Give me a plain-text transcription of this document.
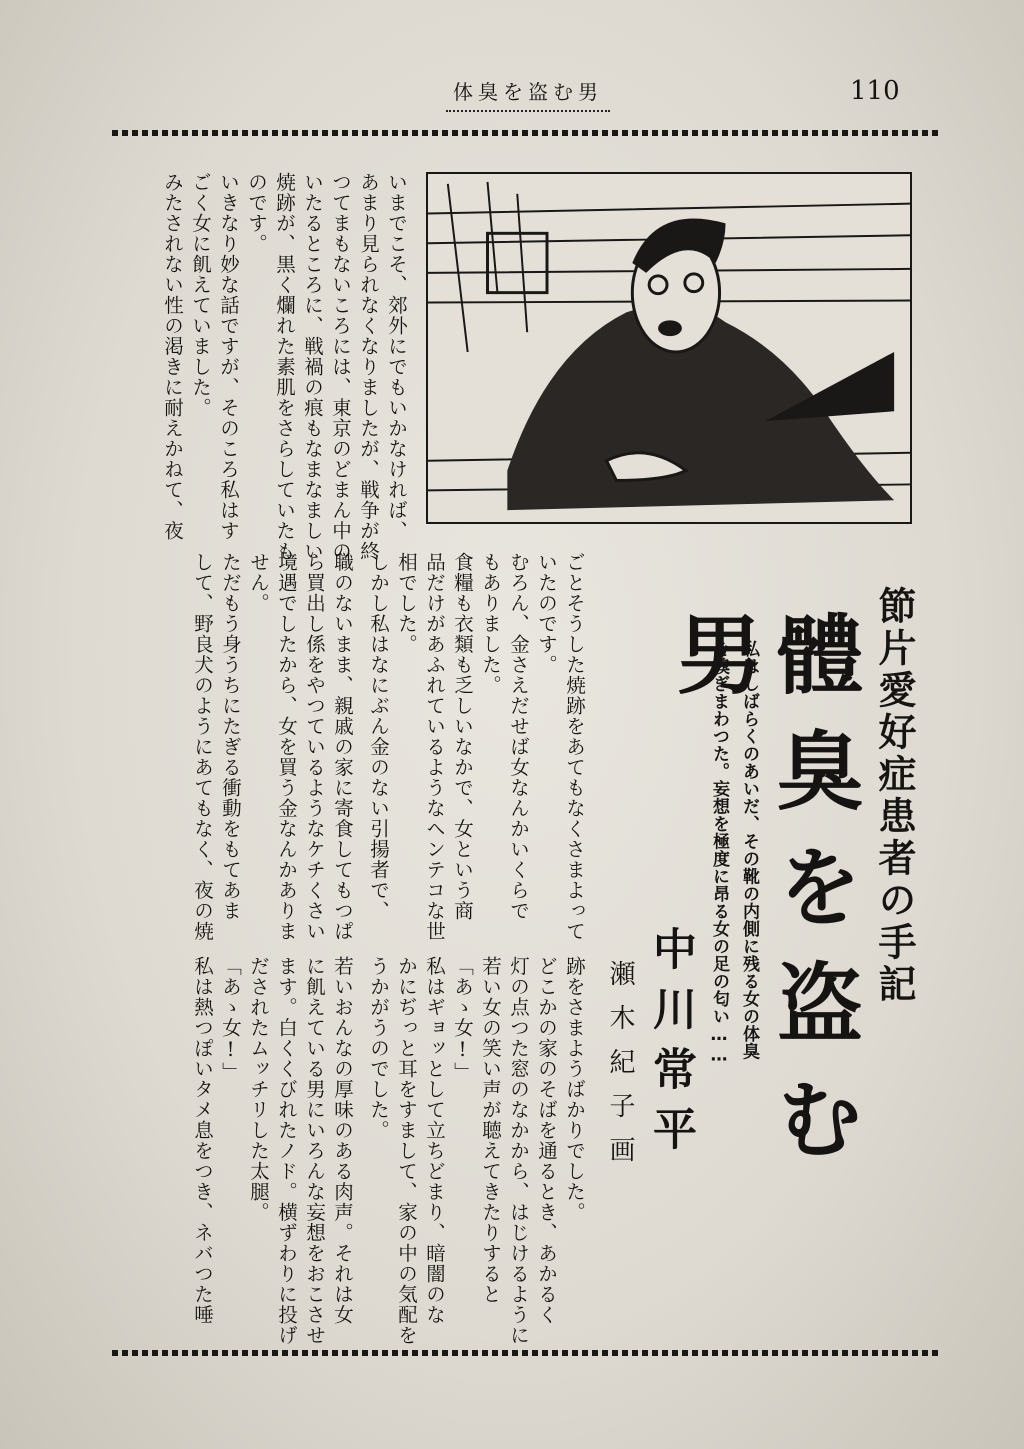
体臭を盗む男	110

いまでこそ、郊外にでもいかなければ、

あまり見られなくなりましたが、戦争が終

つてまもないころには、東京のどまん中の

いたるところに、戦禍の痕もなまなましい

焼跡が、黒く爛れた素肌をさらしていたも

のです。

いきなり妙な話ですが、そのころ私はす

ごく女に飢えていました。

みたされない性の渇きに耐えかねて、夜

節片愛好症患者の手記
體臭を盗む男

私はしばらくのあいだ、その靴の内側に残る女の体臭

を嗅ぎまわつた。妄想を極度に昂る女の足の匂い……

中川常平
瀬木紀子画

ごとそうした焼跡をあてもなくさまよって

いたのです。

むろん、金さえだせば女なんかいくらで

もありました。

食糧も衣類も乏しいなかで、女という商

品だけがあふれているようなヘンテコな世

相でした。

しかし私はなにぶん金のない引揚者で、

跡をさまようばかりでした。

どこかの家のそばを通るとき、あかるく

灯の点つた窓のなかから、はじけるように

若い女の笑い声が聴えてきたりすると

「あゝ女!」

私はギョッとして立ちどまり、暗闇のな

かにぢっと耳をすまして、家の中の気配を

うかがうのでした。

職のないまま、親戚の家に寄食してもつぱ

ら買出し係をやつているようなケチくさい

境遇でしたから、女を買う金なんかありま

せん。

ただもう身うちにたぎる衝動をもてあま

して、野良犬のようにあてもなく、夜の焼

若いおんなの厚味のある肉声。それは女

に飢えている男にいろんな妄想をおこさせ

ます。白くくびれたノド。横ずわりに投げ

だされたムッチリした太腿。

「あゝ女!」

私は熱つぽいタメ息をつき、ネバつた唾
